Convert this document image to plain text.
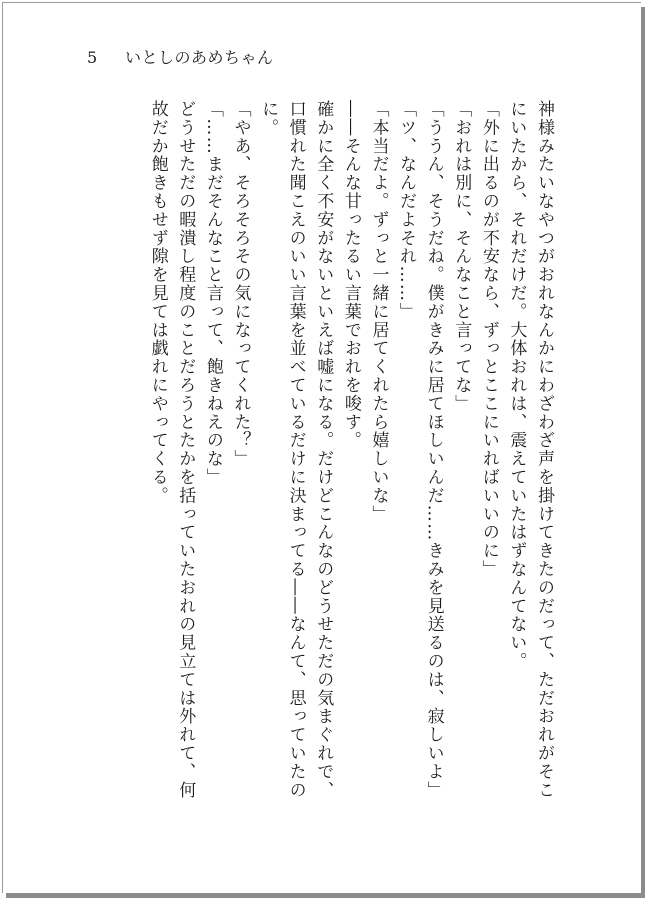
5 いとしのあめちゃん

神様みたいなやつがおれなんかにわざわざ声を掛けてきたのだって、ただおれがそこにいたから、それだけだ。大体おれは、震えていたはずなんてない。

「外に出るのが不安なら、ずっとここにいればいいのに」

「おれは別に、そんなこと言ってな」

「ううん、そうだね。僕がきみに居てほしいんだ……きみを見送るのは、寂しいよ」

「ツ、なんだよそれ……」

「本当だよ。ずっと一緒に居てくれたら嬉しいな」

――そんな甘ったるい言葉でおれを唆す。

確かに全く不安がないといえば嘘になる。だけどこんなのどうせただの気まぐれで、口慣れた聞こえのいい言葉を並べているだけに決まってる――なんて、思っていたのに。

「やあ、そろそろその気になってくれた？」

「……まだそんなこと言って、飽きねえのな」

どうせただの暇潰し程度のことだろうとたかを括っていたおれの見立ては外れて、何故だか飽きもせず隙を見ては戯れにやってくる。
